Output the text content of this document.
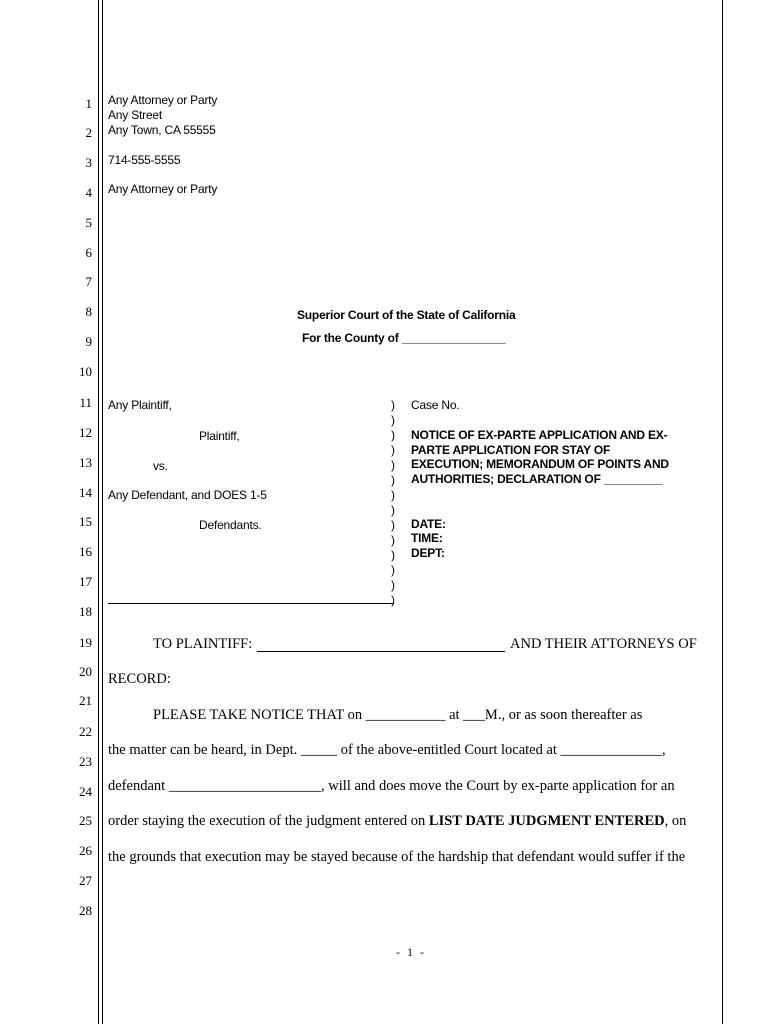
1
2
3
4
5
6
7
8
9
10
11
12
13
14
15
16
17
18
19
20
21
22
23
24
25
26
27
28
Any Attorney or Party
Any Street
Any Town, CA 55555
714-555-5555
Any Attorney or Party
Superior Court of the State of California
For the County of ________________
Any Plaintiff,
Plaintiff,
vs.
Any Defendant, and DOES 1-5
Defendants.
)
)
)
)
)
)
)
)
)
)
)
)
)
)
Case No.
NOTICE OF EX-PARTE APPLICATION AND EX-
PARTE APPLICATION FOR STAY OF
EXECUTION; MEMORANDUM OF POINTS AND
AUTHORITIES; DECLARATION OF _________
DATE:
TIME:
DEPT:
TO PLAINTIFF:	AND THEIR ATTORNEYS OF
RECORD:
PLEASE TAKE NOTICE THAT on ___________ at ___M., or as soon thereafter as
the matter can be heard, in Dept. _____ of the above-entitled Court located at ______________,
defendant _____________________, will and does move the Court by ex-parte application for an
order staying the execution of the judgment entered on LIST DATE JUDGMENT ENTERED, on
the grounds that execution may be stayed because of the hardship that defendant would suffer if the
- 1 -
